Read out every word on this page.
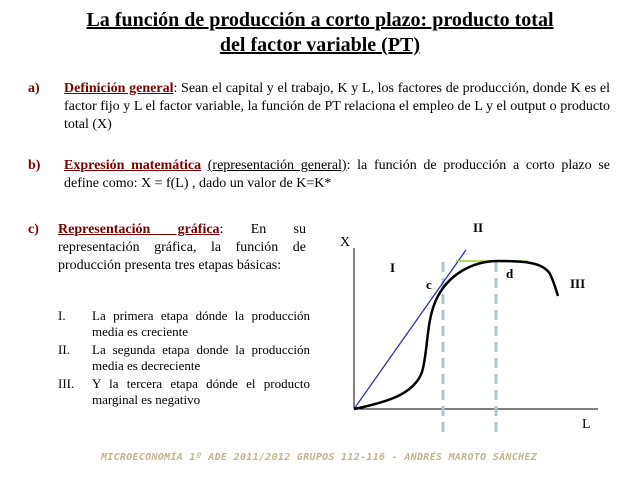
La función de producción a corto plazo: producto total
del factor variable (PT)
a) Definición general: Sean el capital y el trabajo, K y L, los factores de producción, donde K es el factor fijo y L el factor variable, la función de PT relaciona el empleo de L y el output o producto total (X)
b) Expresión matemática (representación general): la función de producción a corto plazo se define como: X = f(L) , dado un valor de K=K*
c) Representación gráfica: En su representación gráfica, la función de producción presenta tres etapas básicas:
I. La primera etapa dónde la producción media es creciente
II. La segunda etapa donde la producción media es decreciente
III. Y la tercera etapa dónde el producto marginal es negativo
X
L
I
II
III
c
d
MICROECONOMÍA 1º ADE 2011/2012 GRUPOS 112-116 - ANDRÉS MAROTO SÁNCHEZ
